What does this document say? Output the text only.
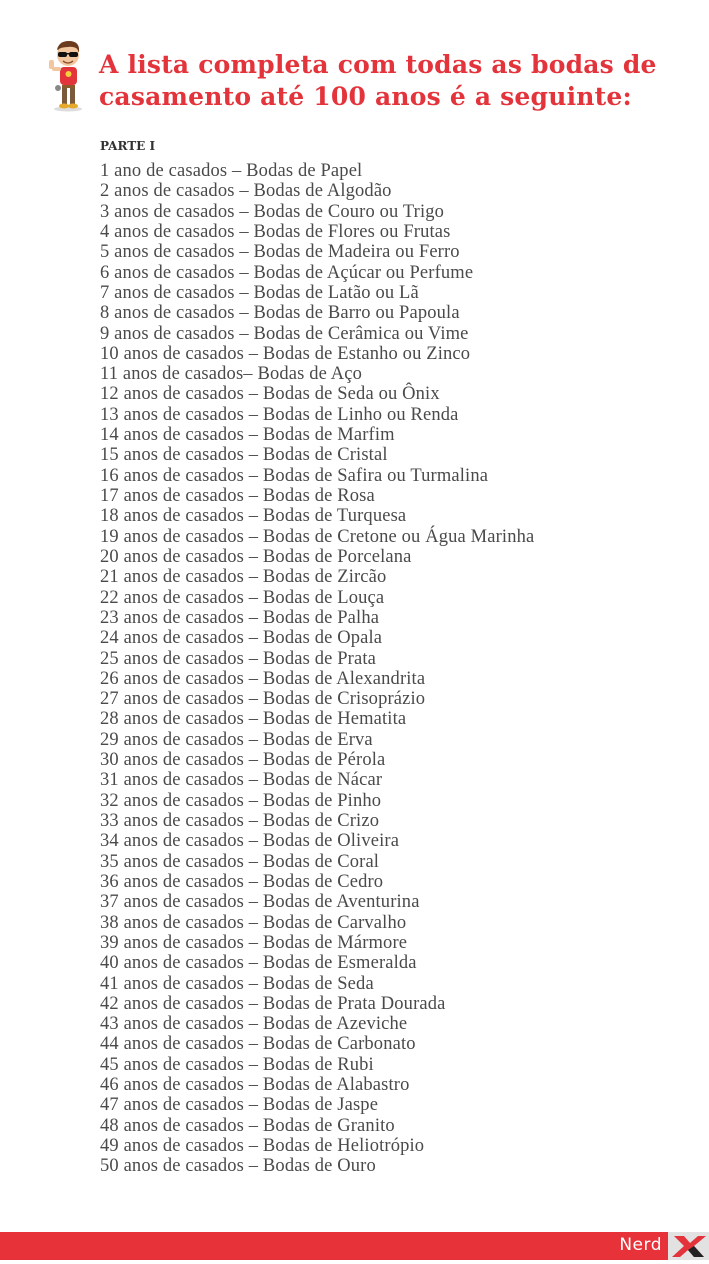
A lista completa com todas as bodas de
casamento até 100 anos é a seguinte:
PARTE I
1 ano de casados – Bodas de Papel
2 anos de casados – Bodas de Algodão
3 anos de casados – Bodas de Couro ou Trigo
4 anos de casados – Bodas de Flores ou Frutas
5 anos de casados – Bodas de Madeira ou Ferro
6 anos de casados – Bodas de Açúcar ou Perfume
7 anos de casados – Bodas de Latão ou Lã
8 anos de casados – Bodas de Barro ou Papoula
9 anos de casados – Bodas de Cerâmica ou Vime
10 anos de casados – Bodas de Estanho ou Zinco
11 anos de casados– Bodas de Aço
12 anos de casados – Bodas de Seda ou Ônix
13 anos de casados – Bodas de Linho ou Renda
14 anos de casados – Bodas de Marfim
15 anos de casados – Bodas de Cristal
16 anos de casados – Bodas de Safira ou Turmalina
17 anos de casados – Bodas de Rosa
18 anos de casados – Bodas de Turquesa
19 anos de casados – Bodas de Cretone ou Água Marinha
20 anos de casados – Bodas de Porcelana
21 anos de casados – Bodas de Zircão
22 anos de casados – Bodas de Louça
23 anos de casados – Bodas de Palha
24 anos de casados – Bodas de Opala
25 anos de casados – Bodas de Prata
26 anos de casados – Bodas de Alexandrita
27 anos de casados – Bodas de Crisoprázio
28 anos de casados – Bodas de Hematita
29 anos de casados – Bodas de Erva
30 anos de casados – Bodas de Pérola
31 anos de casados – Bodas de Nácar
32 anos de casados – Bodas de Pinho
33 anos de casados – Bodas de Crizo
34 anos de casados – Bodas de Oliveira
35 anos de casados – Bodas de Coral
36 anos de casados – Bodas de Cedro
37 anos de casados – Bodas de Aventurina
38 anos de casados – Bodas de Carvalho
39 anos de casados – Bodas de Mármore
40 anos de casados – Bodas de Esmeralda
41 anos de casados – Bodas de Seda
42 anos de casados – Bodas de Prata Dourada
43 anos de casados – Bodas de Azeviche
44 anos de casados – Bodas de Carbonato
45 anos de casados – Bodas de Rubi
46 anos de casados – Bodas de Alabastro
47 anos de casados – Bodas de Jaspe
48 anos de casados – Bodas de Granito
49 anos de casados – Bodas de Heliotrópio
50 anos de casados – Bodas de Ouro
Nerd
